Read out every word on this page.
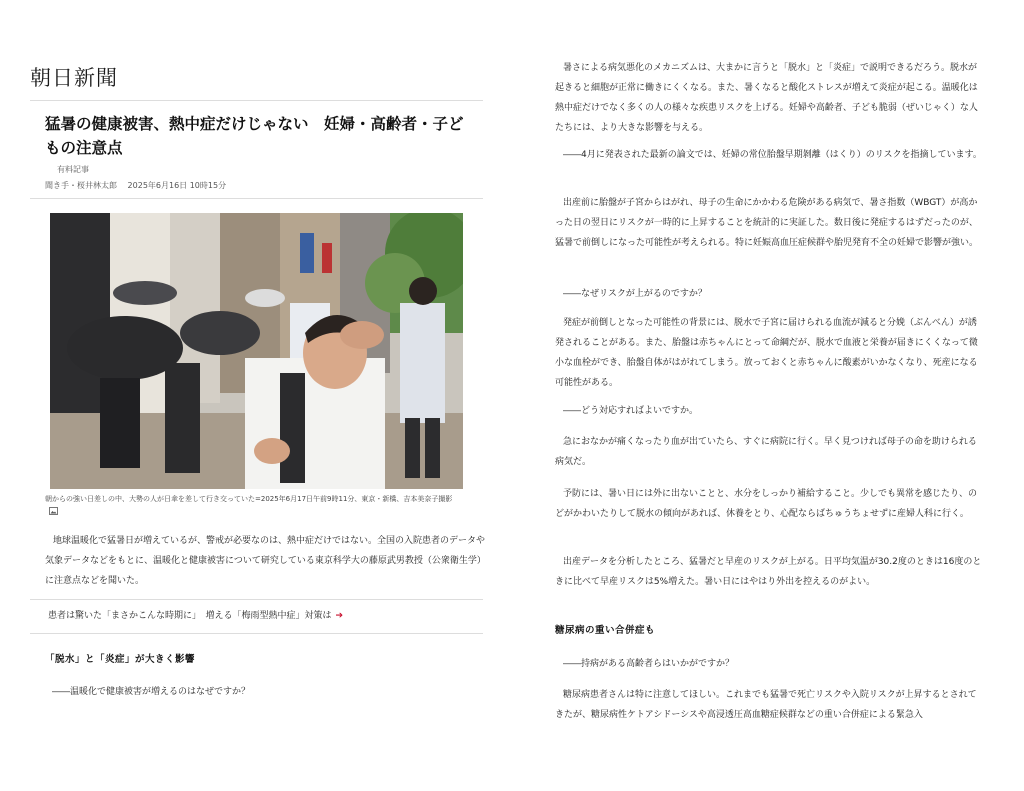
朝日新聞
猛暑の健康被害、熱中症だけじゃない　妊婦・高齢者・子どもの注意点
有料記事
聞き手・桜井林太郎 2025年6月16日 10時15分
朝からの強い日差しの中、大勢の人が日傘を差して行き交っていた=2025年6月17日午前9時11分、東京・新橋、吉本美奈子撮影

地球温暖化で猛暑日が増えているが、警戒が必要なのは、熱中症だけではない。全国の入院患者のデータや気象データなどをもとに、温暖化と健康被害について研究している東京科学大の藤原武男教授（公衆衛生学）に注意点などを聞いた。

患者は驚いた「まさかこんな時期に」　増える「梅雨型熱中症」対策は ➔
「脱水」と「炎症」が大きく影響
――温暖化で健康被害が増えるのはなぜですか？

暑さによる病気悪化のメカニズムは、大まかに言うと「脱水」と「炎症」で説明できるだろう。脱水が起きると細胞が正常に働きにくくなる。また、暑くなると酸化ストレスが増えて炎症が起こる。温暖化は熱中症だけでなく多くの人の様々な疾患リスクを上げる。妊婦や高齢者、子ども脆弱（ぜいじゃく）な人たちには、より大きな影響を与える。

――4月に発表された最新の論文では、妊婦の常位胎盤早期剝離（はくり）のリスクを指摘しています。

出産前に胎盤が子宮からはがれ、母子の生命にかかわる危険がある病気で、暑さ指数（WBGT）が高かった日の翌日にリスクが一時的に上昇することを統計的に実証した。数日後に発症するはずだったのが、猛暑で前倒しになった可能性が考えられる。特に妊娠高血圧症候群や胎児発育不全の妊婦で影響が強い。

――なぜリスクが上がるのですか？

発症が前倒しとなった可能性の背景には、脱水で子宮に届けられる血流が減ると分娩（ぶんべん）が誘発されることがある。また、胎盤は赤ちゃんにとって命綱だが、脱水で血液と栄養が届きにくくなって微小な血栓ができ、胎盤自体がはがれてしまう。放っておくと赤ちゃんに酸素がいかなくなり、死産になる可能性がある。

――どう対応すればよいですか。

急におなかが痛くなったり血が出ていたら、すぐに病院に行く。早く見つければ母子の命を助けられる病気だ。

予防には、暑い日には外に出ないことと、水分をしっかり補給すること。少しでも異常を感じたり、のどがかわいたりして脱水の傾向があれば、休養をとり、心配ならばちゅうちょせずに産婦人科に行く。

出産データを分析したところ、猛暑だと早産のリスクが上がる。日平均気温が30.2度のときは16度のときに比べて早産リスクは5%増えた。暑い日にはやはり外出を控えるのがよい。

糖尿病の重い合併症も

――持病がある高齢者らはいかがですか？

糖尿病患者さんは特に注意してほしい。これまでも猛暑で死亡リスクや入院リスクが上昇するとされてきたが、糖尿病性ケトアシドーシスや高浸透圧高血糖症候群などの重い合併症による緊急入
